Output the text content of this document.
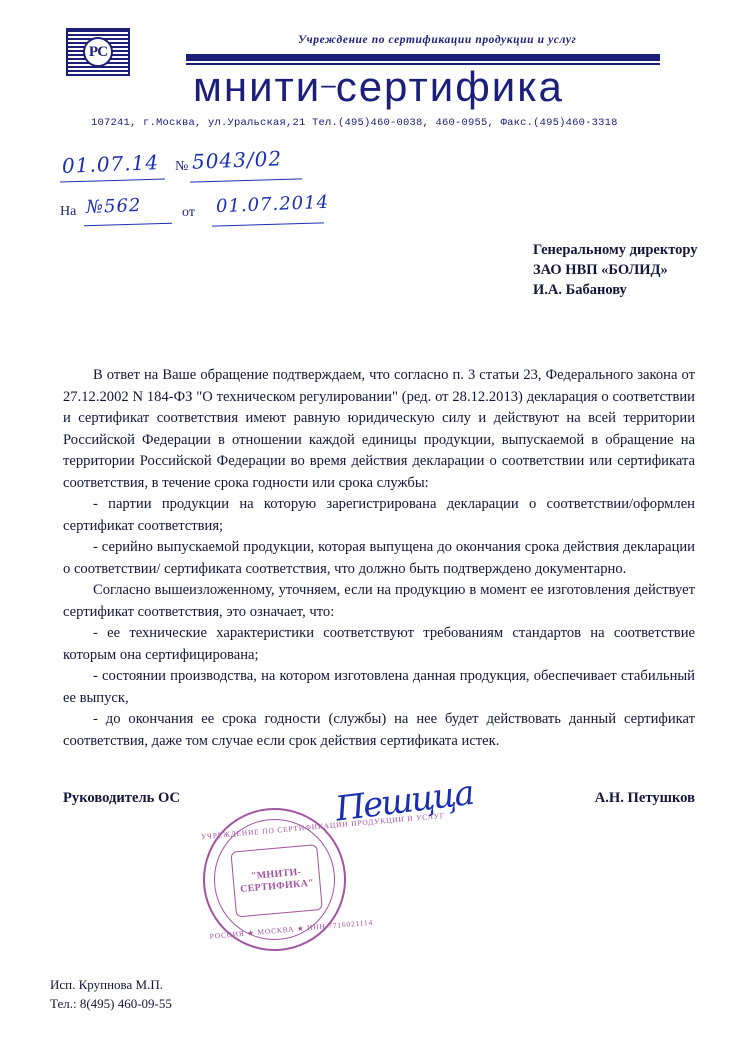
РС
Учреждение по сертификации продукции и услуг
мнити–сертифика
107241, г.Москва, ул.Уральская,21 Тел.(495)460-0038, 460-0955, Факс.(495)460-3318
01.07.14 № 5043/02
На №562	от 01.07.2014
Генеральному директору
ЗАО НВП «БОЛИД»
И.А. Бабанову

В ответ на Ваше обращение подтверждаем, что согласно п. 3 статьи 23, Федерального закона от 27.12.2002 N 184-ФЗ "О техническом регулировании" (ред. от 28.12.2013) декларация о соответствии и сертификат соответствия имеют равную юридическую силу и действуют на всей территории Российской Федерации в отношении каждой единицы продукции, выпускаемой в обращение на территории Российской Федерации во время действия декларации о соответствии или сертификата соответствия, в течение срока годности или срока службы:

- партии продукции на которую зарегистрирована декларации о соответствии/оформлен сертификат соответствия;

- серийно выпускаемой продукции, которая выпущена до окончания срока действия декларации о соответствии/ сертификата соответствия, что должно быть подтверждено документарно.

Согласно вышеизложенному, уточняем, если на продукцию в момент ее изготовления действует сертификат соответствия, это означает, что:

- ее технические характеристики соответствуют требованиям стандартов на соответствие которым она сертифицирована;

- состоянии производства, на котором изготовлена данная продукция, обеспечивает стабильный ее выпуск,

- до окончания ее срока годности (службы) на нее будет действовать данный сертификат соответствия, даже том случае если срок действия сертификата истек.

Руководитель ОС	А.Н. Петушков
Пешцца
УЧРЕЖДЕНИЕ ПО СЕРТИФИКАЦИИ ПРОДУКЦИИ И УСЛУГ
"МНИТИ-СЕРТИФИКА"
РОССИЯ ★ МОСКВА ★ ИНН 7716021114
Исп. Крупнова М.П.
Тел.: 8(495) 460-09-55
